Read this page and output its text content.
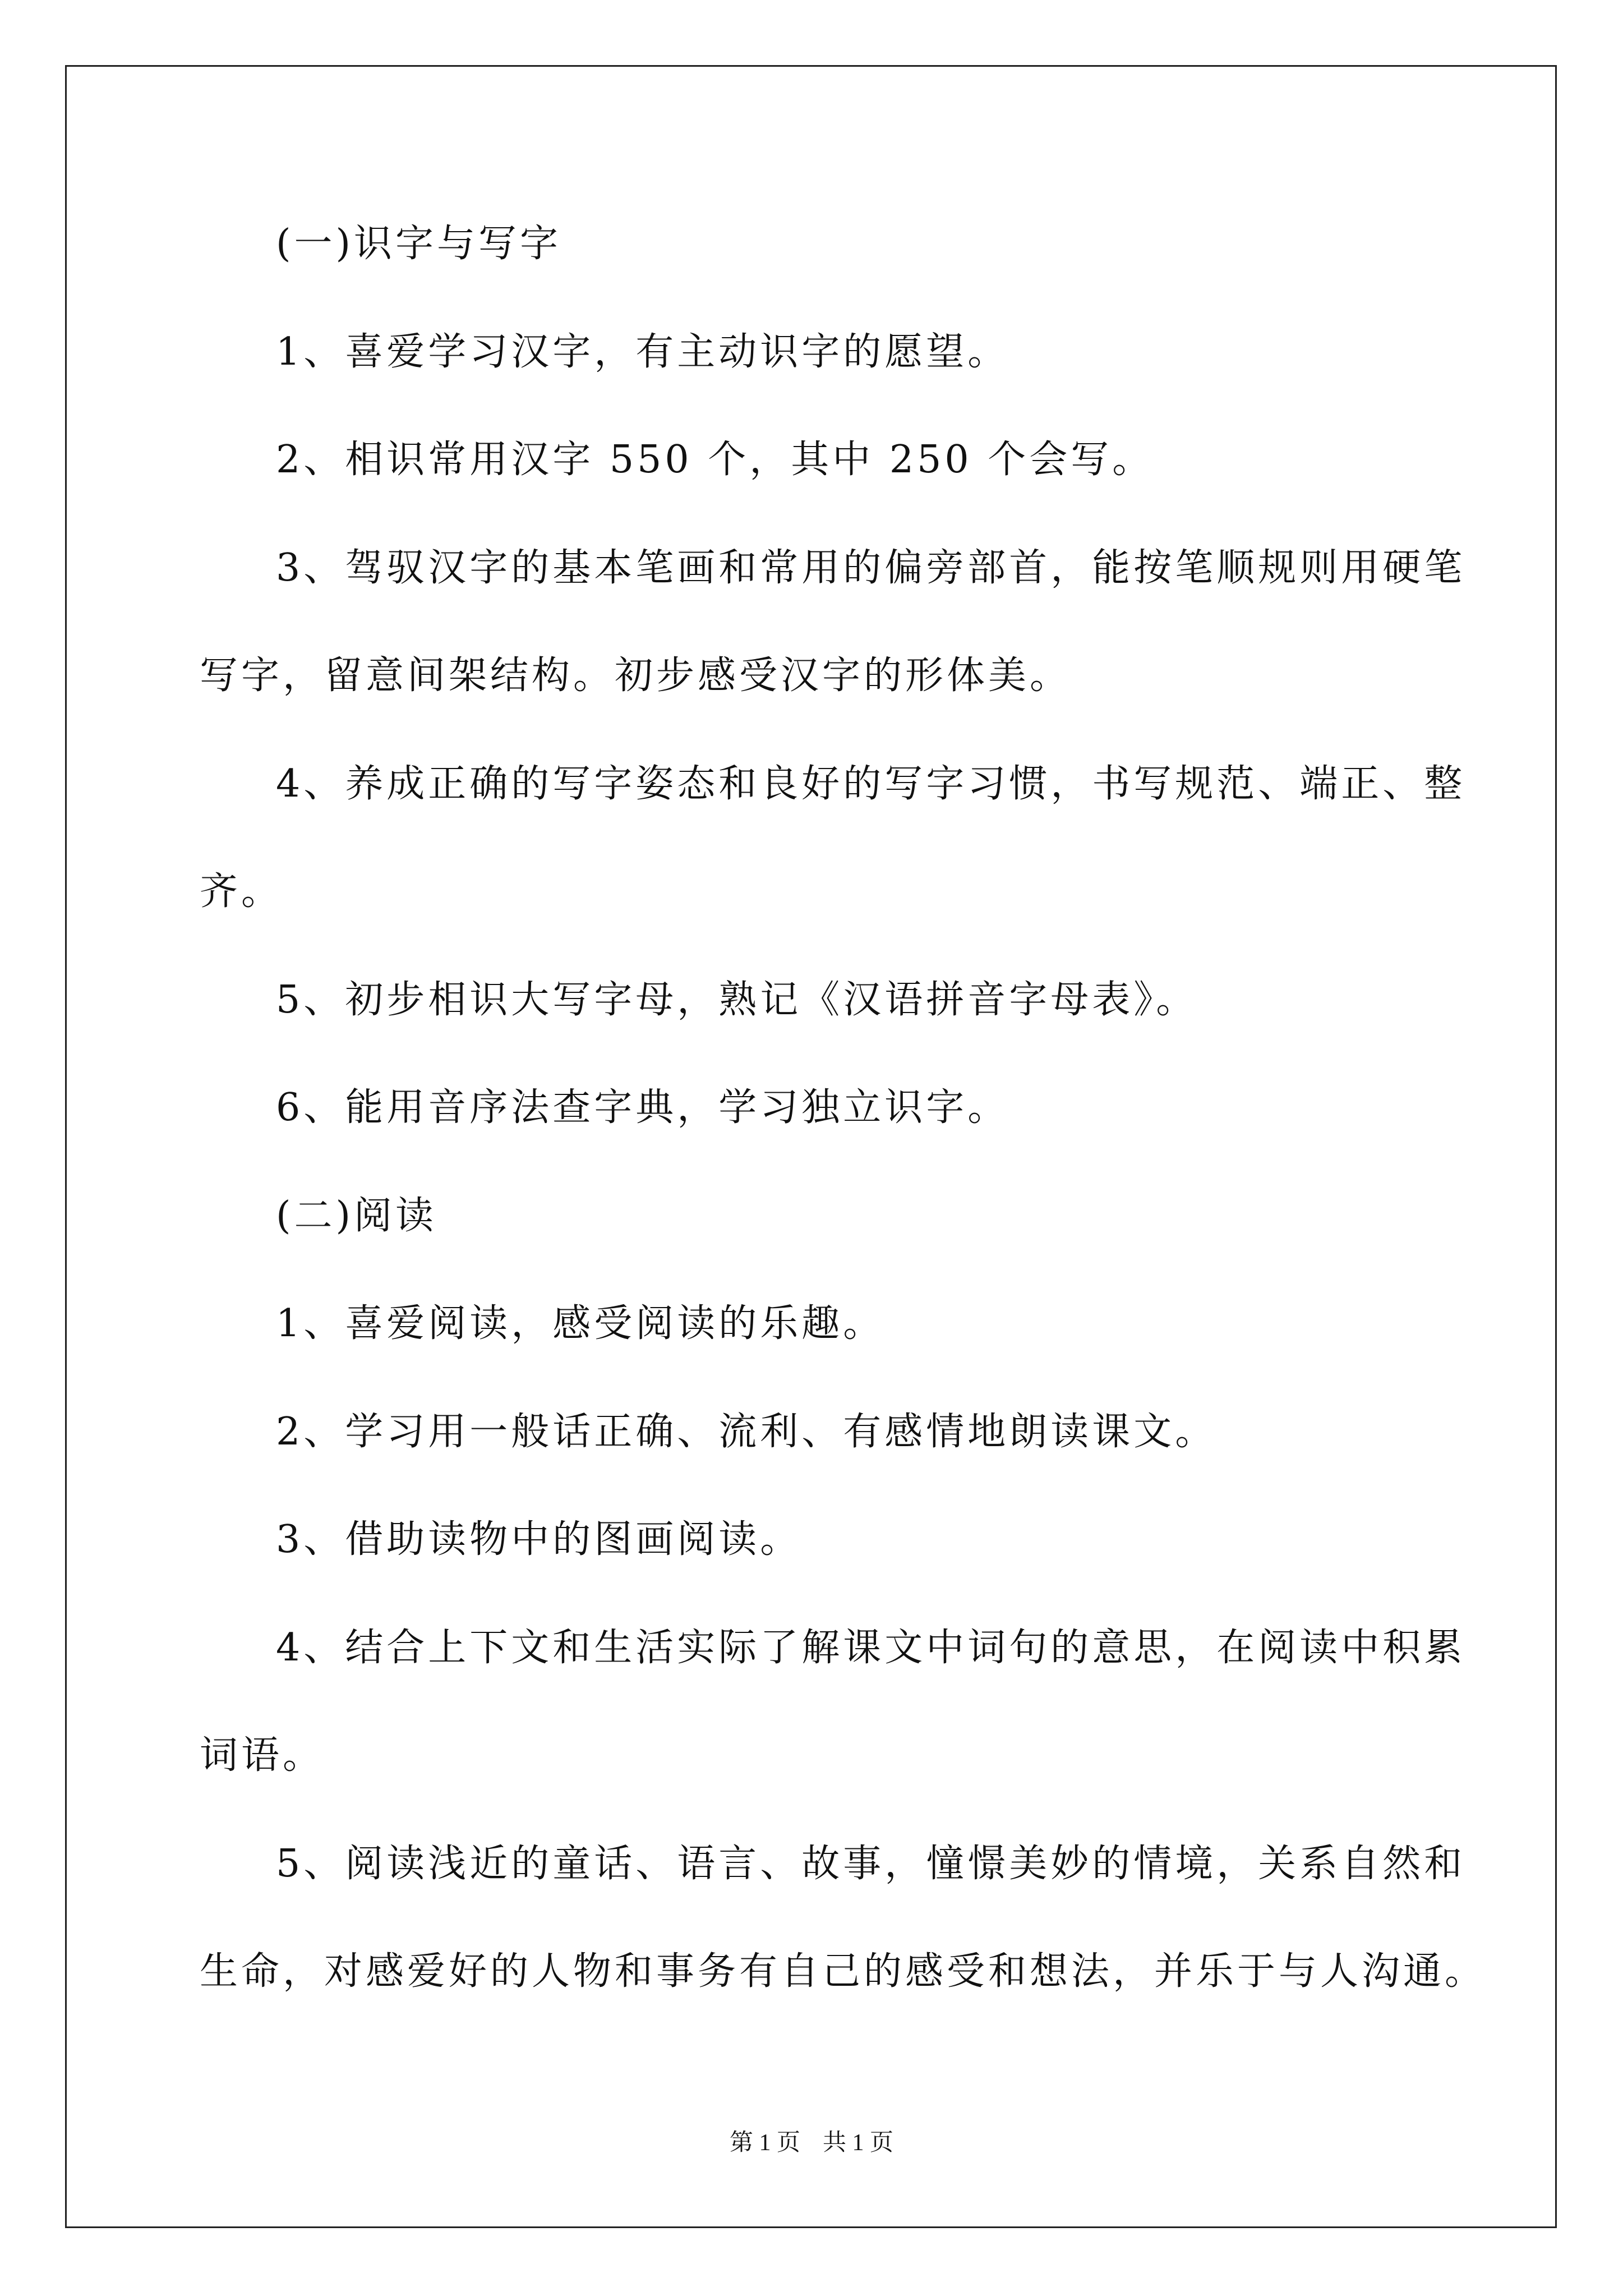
(一)识字与写字
1、喜爱学习汉字，有主动识字的愿望。
2、相识常用汉字 550 个，其中 250 个会写。
3、驾驭汉字的基本笔画和常用的偏旁部首，能按笔顺规则用硬笔
写字，留意间架结构。初步感受汉字的形体美。
4、养成正确的写字姿态和良好的写字习惯，书写规范、端正、整
齐。
5、初步相识大写字母，熟记《汉语拼音字母表》。
6、能用音序法查字典，学习独立识字。
(二)阅读
1、喜爱阅读，感受阅读的乐趣。
2、学习用一般话正确、流利、有感情地朗读课文。
3、借助读物中的图画阅读。
4、结合上下文和生活实际了解课文中词句的意思，在阅读中积累
词语。
5、阅读浅近的童话、语言、故事，憧憬美妙的情境，关系自然和
生命，对感爱好的人物和事务有自己的感受和想法，并乐于与人沟通。
第 1 页 共 1 页
